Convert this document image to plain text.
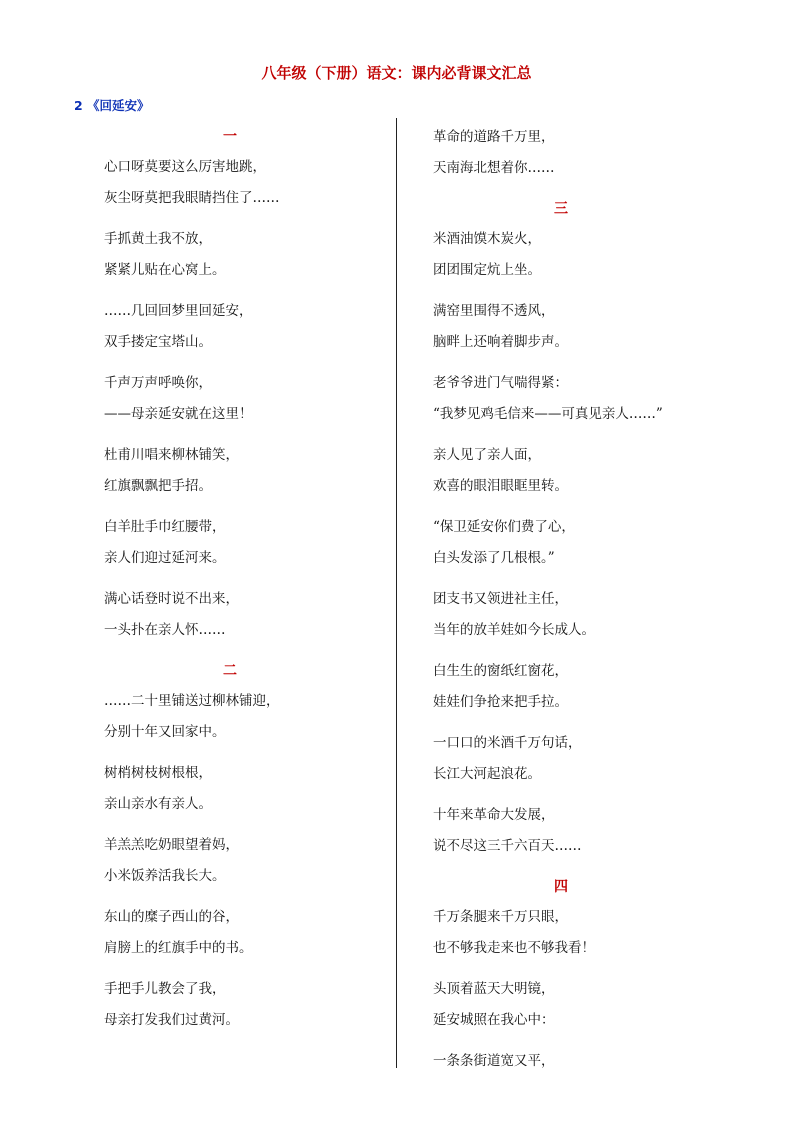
八年级（下册）语文：课内必背课文汇总
2 《回延安》
一
心口呀莫要这么厉害地跳，
灰尘呀莫把我眼睛挡住了……
手抓黄土我不放，
紧紧儿贴在心窝上。
……几回回梦里回延安，
双手搂定宝塔山。
千声万声呼唤你，
——母亲延安就在这里！
杜甫川唱来柳林铺笑，
红旗飘飘把手招。
白羊肚手巾红腰带，
亲人们迎过延河来。
满心话登时说不出来，
一头扑在亲人怀……
二
……二十里铺送过柳林铺迎，
分别十年又回家中。
树梢树枝树根根，
亲山亲水有亲人。
羊羔羔吃奶眼望着妈，
小米饭养活我长大。
东山的糜子西山的谷，
肩膀上的红旗手中的书。
手把手儿教会了我，
母亲打发我们过黄河。
革命的道路千万里，
天南海北想着你……
三
米酒油馍木炭火，
团团围定炕上坐。
满窑里围得不透风，
脑畔上还响着脚步声。
老爷爷进门气喘得紧：
“我梦见鸡毛信来——可真见亲人……”
亲人见了亲人面，
欢喜的眼泪眼眶里转。
“保卫延安你们费了心，
白头发添了几根根。”
团支书又领进社主任，
当年的放羊娃如今长成人。
白生生的窗纸红窗花，
娃娃们争抢来把手拉。
一口口的米酒千万句话，
长江大河起浪花。
十年来革命大发展，
说不尽这三千六百天……
四
千万条腿来千万只眼，
也不够我走来也不够我看！
头顶着蓝天大明镜，
延安城照在我心中：
一条条街道宽又平，
